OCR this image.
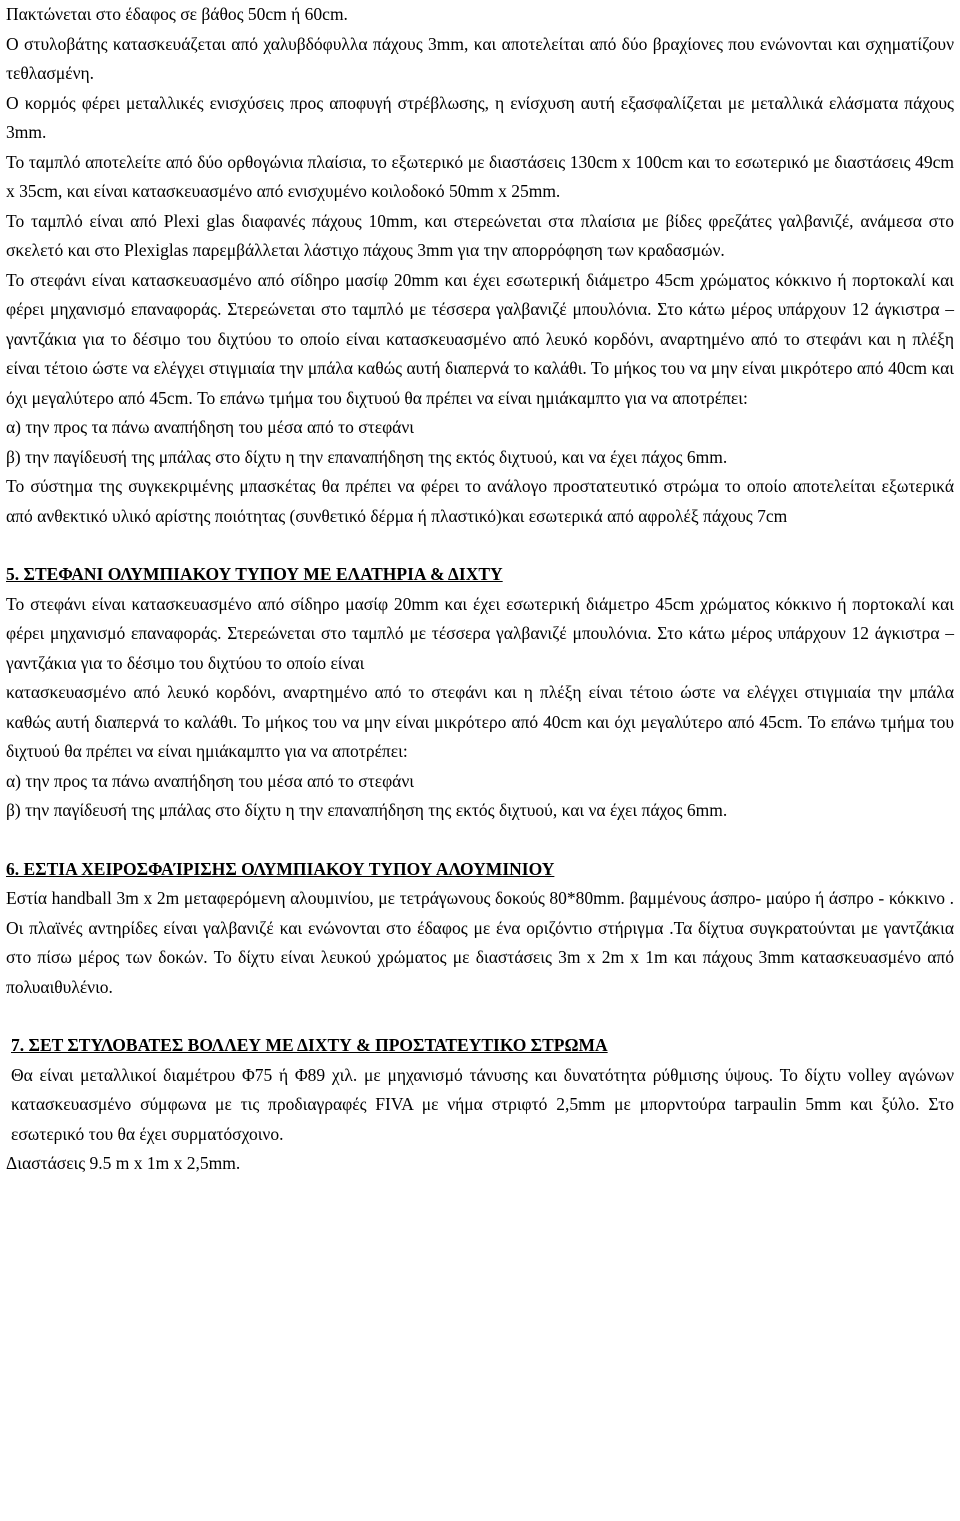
Πακτώνεται στο έδαφος σε βάθος 50cm ή 60cm.

Ο στυλοβάτης κατασκευάζεται από χαλυβδόφυλλα πάχους 3mm, και αποτελείται από δύο βραχίονες που ενώνονται και σχηματίζουν τεθλασμένη.

Ο κορμός φέρει μεταλλικές ενισχύσεις προς αποφυγή στρέβλωσης, η ενίσχυση αυτή εξασφαλίζεται με μεταλλικά ελάσματα πάχους 3mm.

Το ταμπλό αποτελείτε από δύο ορθογώνια πλαίσια, το εξωτερικό με διαστάσεις 130cm x 100cm και το εσωτερικό με διαστάσεις 49cm x 35cm, και είναι κατασκευασμένο από ενισχυμένο κοιλοδοκό 50mm x 25mm.

Το ταμπλό είναι από Plexi glas διαφανές πάχους 10mm, και στερεώνεται στα πλαίσια με βίδες φρεζάτες γαλβανιζέ, ανάμεσα στο σκελετό και στο Plexiglas παρεμβάλλεται λάστιχο πάχους 3mm για την απορρόφηση των κραδασμών.

Το στεφάνι είναι κατασκευασμένο από σίδηρο μασίφ 20mm και έχει εσωτερική διάμετρο 45cm χρώματος κόκκινο ή πορτοκαλί και φέρει μηχανισμό επαναφοράς. Στερεώνεται στο ταμπλό με τέσσερα γαλβανιζέ μπουλόνια. Στο κάτω μέρος υπάρχουν 12 άγκιστρα – γαντζάκια για το δέσιμο του διχτύου το οποίο είναι κατασκευασμένο από λευκό κορδόνι, αναρτημένο από το στεφάνι και η πλέξη είναι τέτοιο ώστε να ελέγχει στιγμιαία την μπάλα καθώς αυτή διαπερνά το καλάθι. Το μήκος του να μην είναι μικρότερο από 40cm και όχι μεγαλύτερο από 45cm. Το επάνω τμήμα του διχτυού θα πρέπει να είναι ημιάκαμπτο για να αποτρέπει:

α) την προς τα πάνω αναπήδηση του μέσα από το στεφάνι

β) την παγίδευσή της μπάλας στο δίχτυ η την επαναπήδηση της εκτός διχτυού, και να έχει πάχος 6mm.

Το σύστημα της συγκεκριμένης μπασκέτας θα πρέπει να φέρει το ανάλογο προστατευτικό στρώμα το οποίο αποτελείται εξωτερικά από ανθεκτικό υλικό αρίστης ποιότητας (συνθετικό δέρμα ή πλαστικό)και εσωτερικά από αφρολέξ πάχους 7cm

5. ΣΤΕΦΑΝΙ ΟΛΥΜΠΙΑΚΟΥ ΤΥΠΟΥ ΜΕ ΕΛΑΤΗΡΙΑ & ΔΙΧΤΥ

Το στεφάνι είναι κατασκευασμένο από σίδηρο μασίφ 20mm και έχει εσωτερική διάμετρο 45cm χρώματος κόκκινο ή πορτοκαλί και φέρει μηχανισμό επαναφοράς. Στερεώνεται στο ταμπλό με τέσσερα γαλβανιζέ μπουλόνια. Στο κάτω μέρος υπάρχουν 12 άγκιστρα – γαντζάκια για το δέσιμο του διχτύου το οποίο είναι

κατασκευασμένο από λευκό κορδόνι, αναρτημένο από το στεφάνι και η πλέξη είναι τέτοιο ώστε να ελέγχει στιγμιαία την μπάλα καθώς αυτή διαπερνά το καλάθι. Το μήκος του να μην είναι μικρότερο από 40cm και όχι μεγαλύτερο από 45cm. Το επάνω τμήμα του διχτυού θα πρέπει να είναι ημιάκαμπτο για να αποτρέπει:

α) την προς τα πάνω αναπήδηση του μέσα από το στεφάνι

β) την παγίδευσή της μπάλας στο δίχτυ η την επαναπήδηση της εκτός διχτυού, και να έχει πάχος 6mm.

6. ΕΣΤΙΑ ΧΕΙΡΟΣΦΑΊΡΙΣΗΣ ΟΛΥΜΠΙΑΚΟΥ ΤΥΠΟΥ ΑΛΟΥΜΙΝΙΟΥ

Εστία handball 3m x 2m μεταφερόμενη αλουμινίου, με τετράγωνους δοκούς 80*80mm. βαμμένους άσπρο- μαύρο ή άσπρο - κόκκινο . Οι πλαϊνές αντηρίδες είναι γαλβανιζέ και ενώνονται στο έδαφος με ένα οριζόντιο στήριγμα .Τα δίχτυα συγκρατούνται με γαντζάκια στο πίσω μέρος των δοκών. Το δίχτυ είναι λευκού χρώματος με διαστάσεις 3m x 2m x 1m και πάχους 3mm κατασκευασμένο από πολυαιθυλένιο.

7. ΣΕΤ ΣΤΥΛΟΒΑΤΕΣ ΒΟΛΛΕΥ ΜΕ ΔΙΧΤΥ & ΠΡΟΣΤΑΤΕΥΤΙΚΟ ΣΤΡΩΜΑ

Θα είναι μεταλλικοί διαμέτρου Φ75 ή Φ89 χιλ. με μηχανισμό τάνυσης και δυνατότητα ρύθμισης ύψους. Το δίχτυ volley αγώνων κατασκευασμένο σύμφωνα με τις προδιαγραφές FIVA με νήμα στριφτό 2,5mm με μπορντούρα tarpaulin 5mm και ξύλο. Στο εσωτερικό του θα έχει συρματόσχοινο.

Διαστάσεις 9.5 m x 1m x 2,5mm.
